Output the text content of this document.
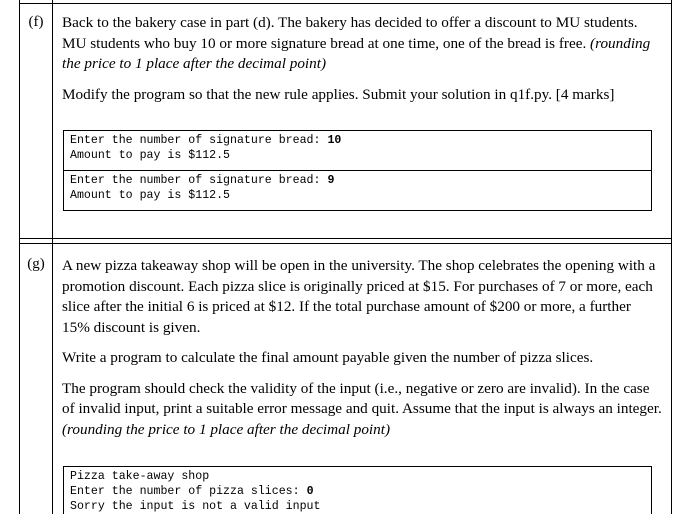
(f)	Back to the bakery case in part (d). The bakery has decided to offer a discount to MU students. MU students who buy 10 or more signature bread at one time, one of the bread is free. (rounding the price to 1 place after the decimal point)

Modify the program so that the new rule applies. Submit your solution in q1f.py. [4 marks]

Enter the number of signature bread: 10
Amount to pay is $112.5
Enter the number of signature bread: 9
Amount to pay is $112.5
(g)	A new pizza takeaway shop will be open in the university. The shop celebrates the opening with a promotion discount. Each pizza slice is originally priced at $15. For purchases of 7 or more, each slice after the initial 6 is priced at $12. If the total purchase amount of $200 or more, a further 15% discount is given.

Write a program to calculate the final amount payable given the number of pizza slices.

The program should check the validity of the input (i.e., negative or zero are invalid). In the case of invalid input, print a suitable error message and quit. Assume that the input is always an integer. (rounding the price to 1 place after the decimal point)

Pizza take-away shop
Enter the number of pizza slices: 0
Sorry the input is not a valid input
